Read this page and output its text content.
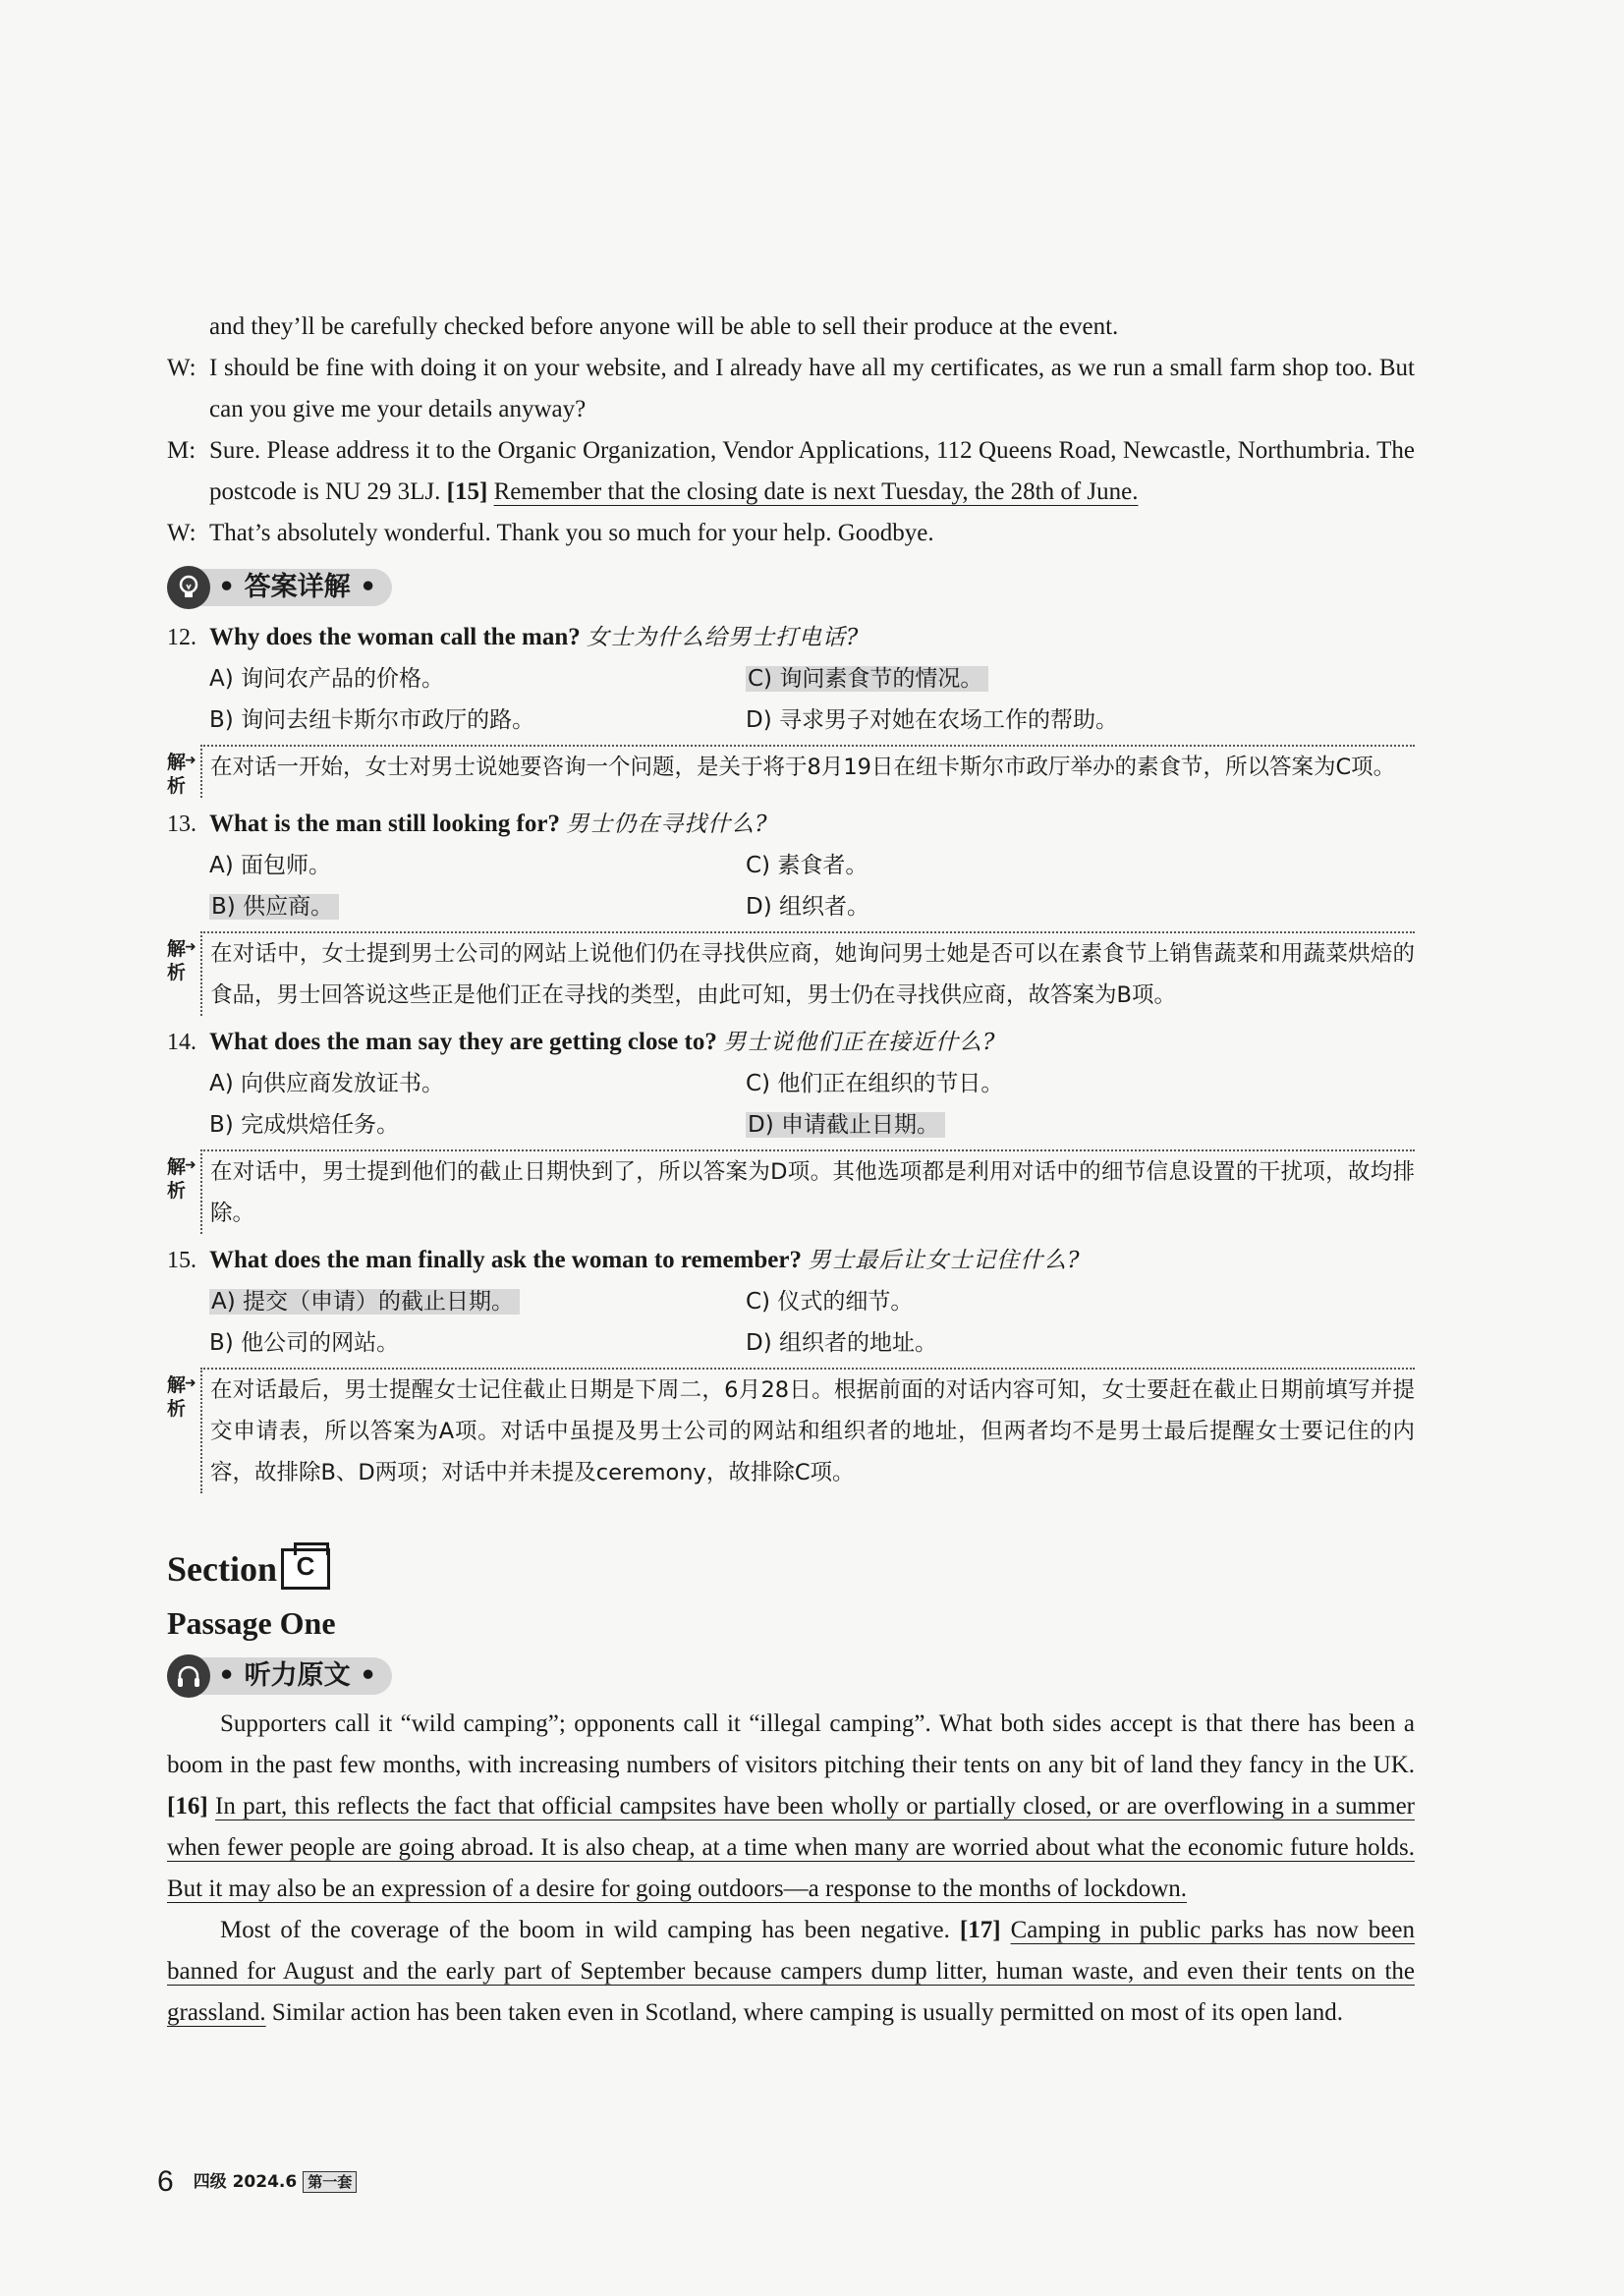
and they’ll be carefully checked before anyone will be able to sell their produce at the event.
W: I should be fine with doing it on your website, and I already have all my certificates, as we run a small farm shop too. But can you give me your details anyway?
M: Sure. Please address it to the Organic Organization, Vendor Applications, 112 Queens Road, Newcastle, Northumbria. The postcode is NU 29 3LJ. [15] Remember that the closing date is next Tuesday, the 28th of June.
W: That’s absolutely wonderful. Thank you so much for your help. Goodbye.
• 答案详解 •
12. Why does the woman call the man? 女士为什么给男士打电话?
A) 询问农产品的价格。	C) 询问素食节的情况。
B) 询问去纽卡斯尔市政厅的路。	D) 寻求男子对她在农场工作的帮助。
解
析
➜ 在对话一开始，女士对男士说她要咨询一个问题，是关于将于8月19日在纽卡斯尔市政厅举办的素食节，所以答案为C项。
13. What is the man still looking for? 男士仍在寻找什么?
A) 面包师。	C) 素食者。
B) 供应商。	D) 组织者。
解
析
➜ 在对话中，女士提到男士公司的网站上说他们仍在寻找供应商，她询问男士她是否可以在素食节上销售蔬菜和用蔬菜烘焙的食品，男士回答说这些正是他们正在寻找的类型，由此可知，男士仍在寻找供应商，故答案为B项。
14. What does the man say they are getting close to? 男士说他们正在接近什么?
A) 向供应商发放证书。	C) 他们正在组织的节日。
B) 完成烘焙任务。	D) 申请截止日期。
解
析
➜ 在对话中，男士提到他们的截止日期快到了，所以答案为D项。其他选项都是利用对话中的细节信息设置的干扰项，故均排除。
15. What does the man finally ask the woman to remember? 男士最后让女士记住什么?
A) 提交（申请）的截止日期。	C) 仪式的细节。
B) 他公司的网站。	D) 组织者的地址。
解
析
➜ 在对话最后，男士提醒女士记住截止日期是下周二，6月28日。根据前面的对话内容可知，女士要赶在截止日期前填写并提交申请表，所以答案为A项。对话中虽提及男士公司的网站和组织者的地址，但两者均不是男士最后提醒女士要记住的内容，故排除B、D两项；对话中并未提及ceremony，故排除C项。
Section C
Passage One
• 听力原文 •
Supporters call it “wild camping”; opponents call it “illegal camping”. What both sides accept is that there has been a boom in the past few months, with increasing numbers of visitors pitching their tents on any bit of land they fancy in the UK. [16] In part, this reflects the fact that official campsites have been wholly or partially closed, or are overflowing in a summer when fewer people are going abroad. It is also cheap, at a time when many are worried about what the economic future holds. But it may also be an expression of a desire for going outdoors—a response to the months of lockdown.
Most of the coverage of the boom in wild camping has been negative. [17] Camping in public parks has now been banned for August and the early part of September because campers dump litter, human waste, and even their tents on the grassland. Similar action has been taken even in Scotland, where camping is usually permitted on most of its open land.
6 四级 2024.6 第一套
